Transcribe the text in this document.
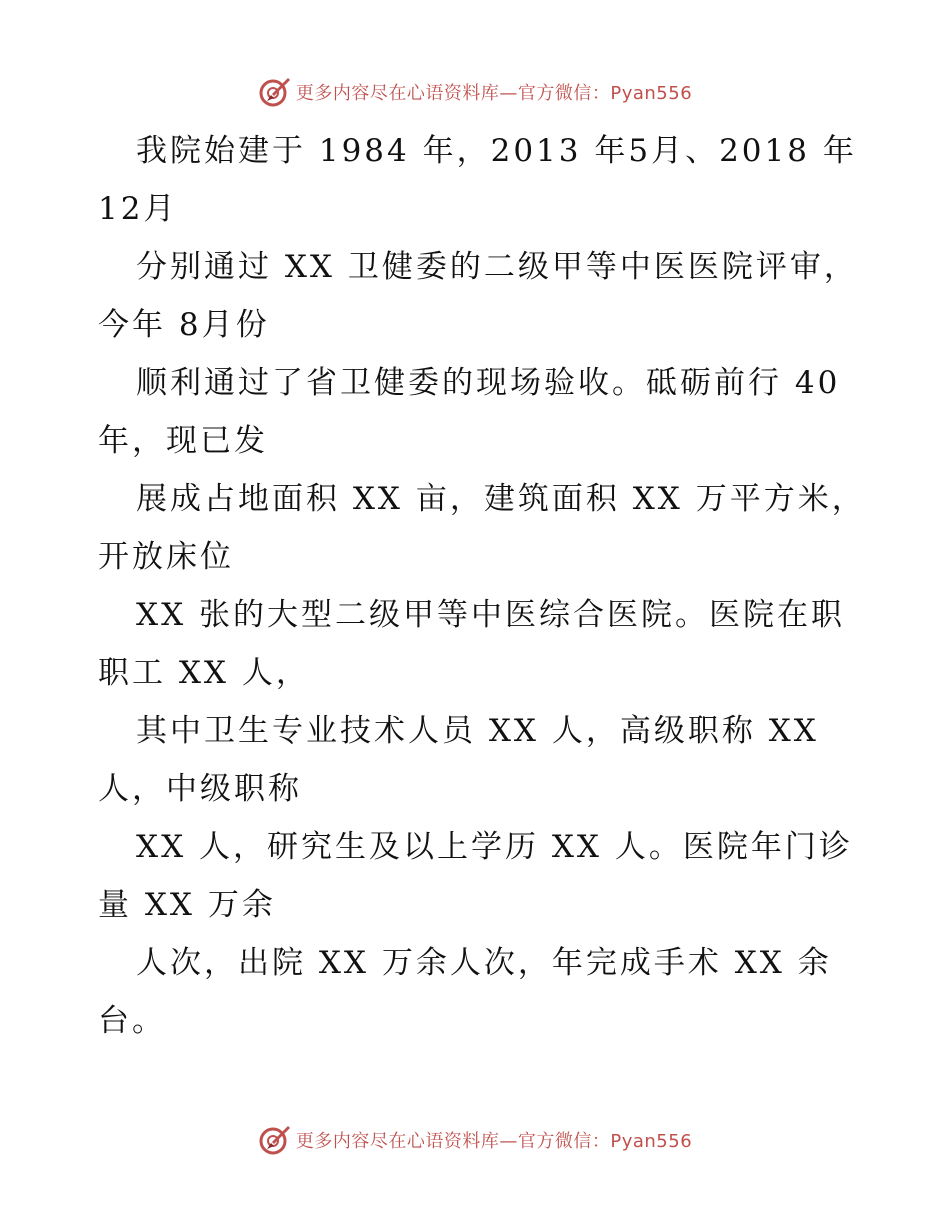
更多内容尽在心语资料库—官方微信：Pyan556

我院始建于 1984 年，2013 年5月、2018 年12月

分别通过 XX 卫健委的二级甲等中医医院评审，今年 8月份

顺利通过了省卫健委的现场验收。砥砺前行 40年，现已发

展成占地面积 XX 亩，建筑面积 XX 万平方米，开放床位

XX 张的大型二级甲等中医综合医院。医院在职职工 XX 人，

其中卫生专业技术人员 XX 人，高级职称 XX 人，中级职称

XX 人，研究生及以上学历 XX 人。医院年门诊量 XX 万余

人次，出院 XX 万余人次，年完成手术 XX 余台。

更多内容尽在心语资料库—官方微信：Pyan556
